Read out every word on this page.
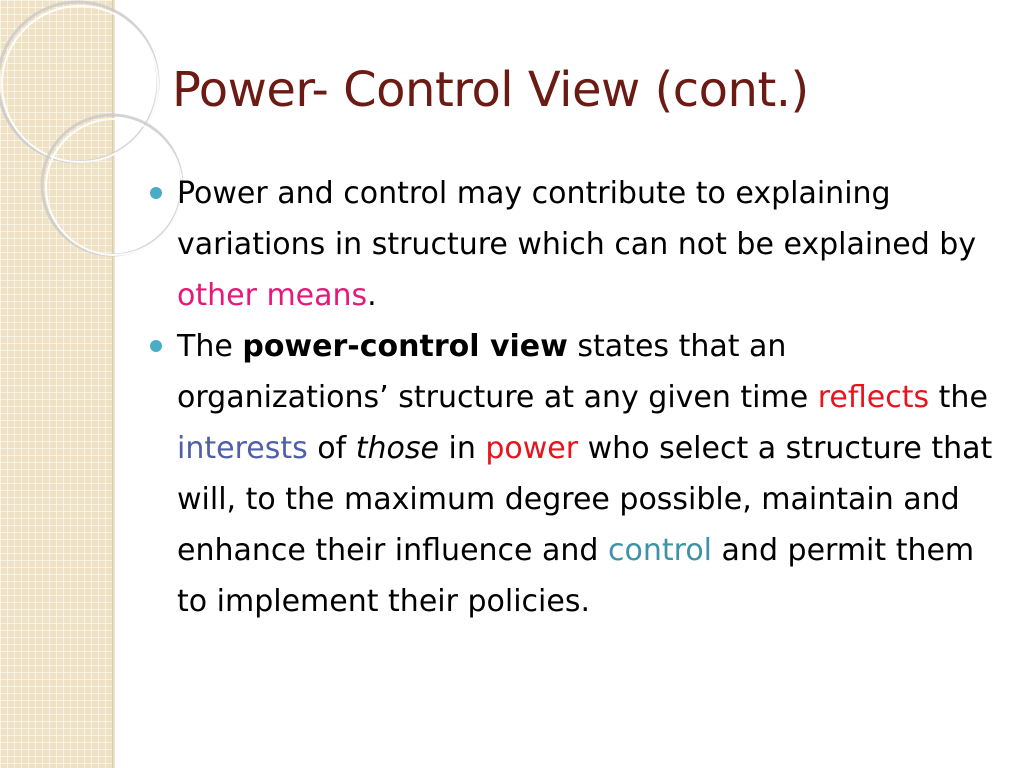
Power- Control View (cont.)
Power and control may contribute to explaining variations in structure which can not be explained by other means.
The power-control view states that an organizations’ structure at any given time reflects the interests of those in power who select a structure that will, to the maximum degree possible, maintain and enhance their influence and control and permit them to implement their policies.
